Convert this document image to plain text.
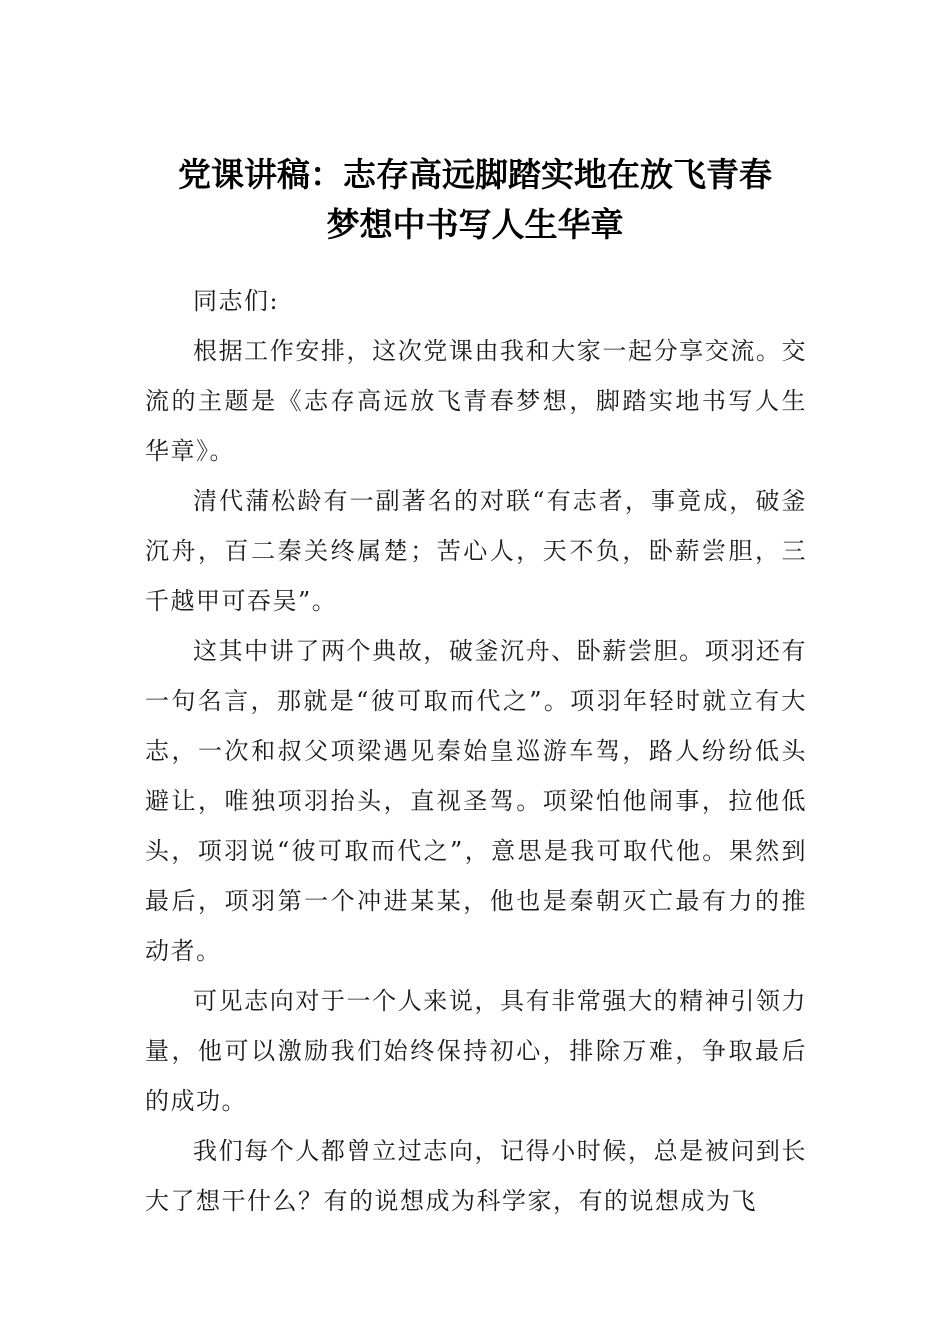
党课讲稿：志存高远脚踏实地在放飞青春
梦想中书写人生华章

同志们:

根据工作安排，这次党课由我和大家一起分享交流。交流的主题是《志存高远放飞青春梦想，脚踏实地书写人生华章》。

清代蒲松龄有一副著名的对联“有志者，事竟成，破釜沉舟，百二秦关终属楚；苦心人，天不负，卧薪尝胆，三千越甲可吞吴”。

这其中讲了两个典故，破釜沉舟、卧薪尝胆。项羽还有一句名言，那就是“彼可取而代之”。项羽年轻时就立有大志，一次和叔父项梁遇见秦始皇巡游车驾，路人纷纷低头避让，唯独项羽抬头，直视圣驾。项梁怕他闹事，拉他低头，项羽说“彼可取而代之”，意思是我可取代他。果然到最后，项羽第一个冲进某某，他也是秦朝灭亡最有力的推动者。

可见志向对于一个人来说，具有非常强大的精神引领力量，他可以激励我们始终保持初心，排除万难，争取最后的成功。

我们每个人都曾立过志向，记得小时候，总是被问到长大了想干什么？有的说想成为科学家，有的说想成为飞
